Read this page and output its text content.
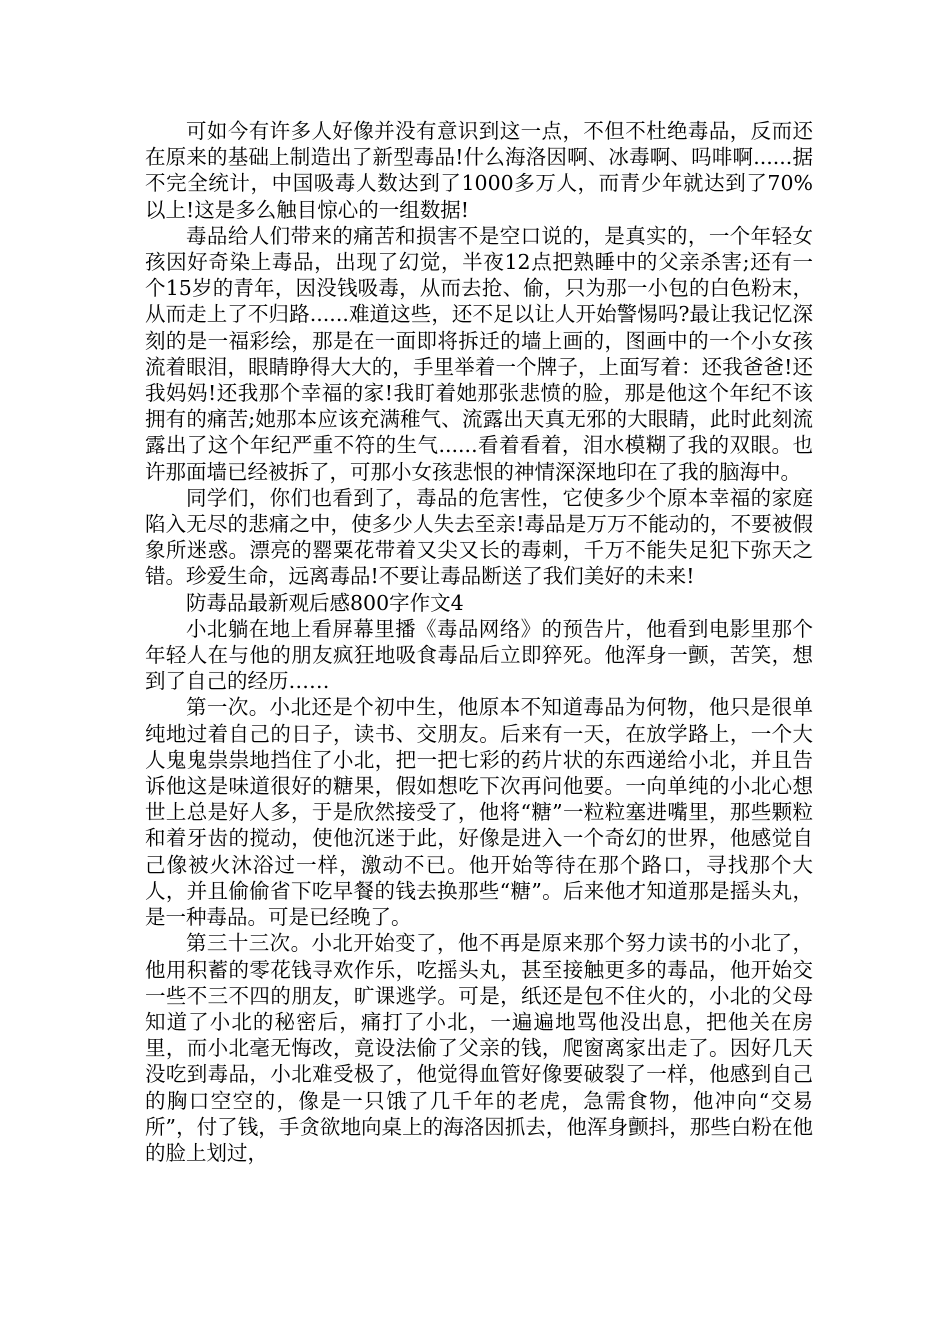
可如今有许多人好像并没有意识到这一点，不但不杜绝毒品，反而还在原来的基础上制造出了新型毒品!什么海洛因啊、冰毒啊、吗啡啊......据不完全统计，中国吸毒人数达到了1000多万人，而青少年就达到了70%以上!这是多么触目惊心的一组数据!

毒品给人们带来的痛苦和损害不是空口说的，是真实的，一个年轻女孩因好奇染上毒品，出现了幻觉，半夜12点把熟睡中的父亲杀害;还有一个15岁的青年，因没钱吸毒，从而去抢、偷，只为那一小包的白色粉末，从而走上了不归路......难道这些，还不足以让人开始警惕吗?最让我记忆深刻的是一福彩绘，那是在一面即将拆迁的墙上画的，图画中的一个小女孩流着眼泪，眼睛睁得大大的，手里举着一个牌子，上面写着：还我爸爸!还我妈妈!还我那个幸福的家!我盯着她那张悲愤的脸，那是他这个年纪不该拥有的痛苦;她那本应该充满稚气、流露出天真无邪的大眼睛，此时此刻流露出了这个年纪严重不符的生气......看着看着，泪水模糊了我的双眼。也许那面墙已经被拆了，可那小女孩悲恨的神情深深地印在了我的脑海中。

同学们，你们也看到了，毒品的危害性，它使多少个原本幸福的家庭陷入无尽的悲痛之中，使多少人失去至亲!毒品是万万不能动的，不要被假象所迷惑。漂亮的罂粟花带着又尖又长的毒刺，千万不能失足犯下弥天之错。珍爱生命，远离毒品!不要让毒品断送了我们美好的未来!

防毒品最新观后感800字作文4

小北躺在地上看屏幕里播《毒品网络》的预告片，他看到电影里那个年轻人在与他的朋友疯狂地吸食毒品后立即猝死。他浑身一颤，苦笑，想到了自己的经历……

第一次。小北还是个初中生，他原本不知道毒品为何物，他只是很单纯地过着自己的日子，读书、交朋友。后来有一天，在放学路上，一个大人鬼鬼祟祟地挡住了小北，把一把七彩的药片状的东西递给小北，并且告诉他这是味道很好的糖果，假如想吃下次再问他要。一向单纯的小北心想世上总是好人多，于是欣然接受了，他将“糖”一粒粒塞进嘴里，那些颗粒和着牙齿的搅动，使他沉迷于此，好像是进入一个奇幻的世界，他感觉自己像被火沐浴过一样，激动不已。他开始等待在那个路口，寻找那个大人，并且偷偷省下吃早餐的钱去换那些“糖”。后来他才知道那是摇头丸，是一种毒品。可是已经晚了。

第三十三次。小北开始变了，他不再是原来那个努力读书的小北了，他用积蓄的零花钱寻欢作乐，吃摇头丸，甚至接触更多的毒品，他开始交一些不三不四的朋友，旷课逃学。可是，纸还是包不住火的，小北的父母知道了小北的秘密后，痛打了小北，一遍遍地骂他没出息，把他关在房里，而小北毫无悔改，竟设法偷了父亲的钱，爬窗离家出走了。因好几天没吃到毒品，小北难受极了，他觉得血管好像要破裂了一样，他感到自己的胸口空空的，像是一只饿了几千年的老虎，急需食物，他冲向“交易所”，付了钱，手贪欲地向桌上的海洛因抓去，他浑身颤抖，那些白粉在他的脸上划过，
